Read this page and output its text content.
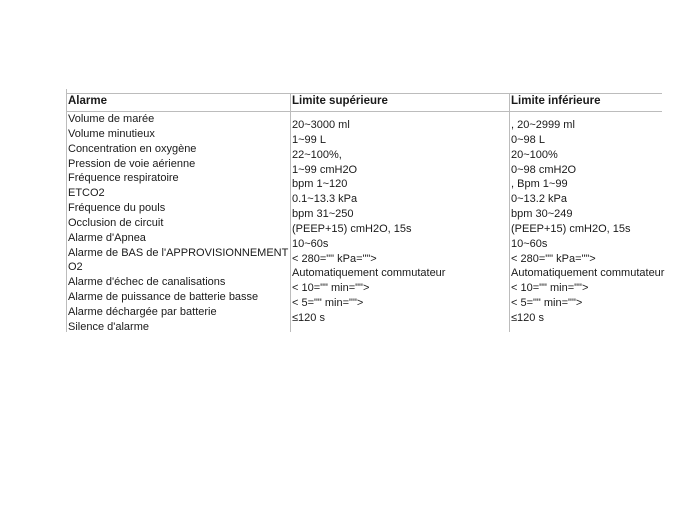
Alarme	Limite supérieure	Limite inférieure
Volume de marée
Volume minutieux
Concentration en oxygène
Pression de voie aérienne
Fréquence respiratoire
ETCO2
Fréquence du pouls
Occlusion de circuit
Alarme d'Apnea
Alarme de BAS de l'APPROVISIONNEMENT
O2
Alarme d'échec de canalisations
Alarme de puissance de batterie basse
Alarme déchargée par batterie
Silence d'alarme
20~3000 ml
1~99 L
22~100%,
1~99 cmH2O
bpm 1~120
0.1~13.3 kPa
bpm 31~250
(PEEP+15) cmH2O, 15s
10~60s
< 280="" kPa="">
Automatiquement commutateur
< 10="" min="">
< 5="" min="">
≤120 s
, 20~2999 ml
0~98 L
20~100%
0~98 cmH2O
, Bpm 1~99
0~13.2 kPa
bpm 30~249
(PEEP+15) cmH2O, 15s
10~60s
< 280="" kPa="">
Automatiquement commutateur
< 10="" min="">
< 5="" min="">
≤120 s
